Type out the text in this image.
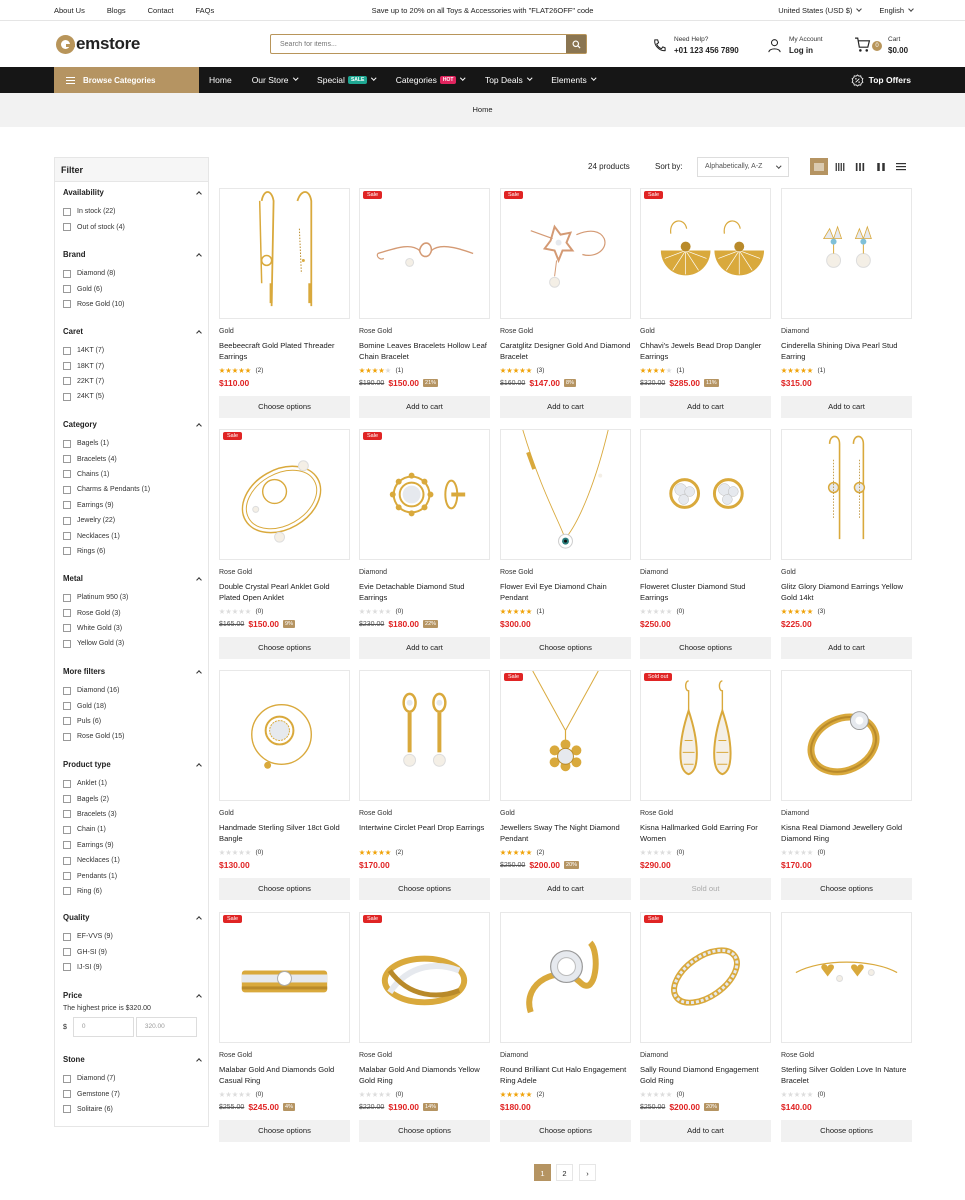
About Us	Blogs	Contact	FAQs	Save up to 20% on all Toys & Accessories with "FLAT26OFF" code	United States (USD $)	English
emstore
Search for items...	Need Help?
+01 123 456 7890
My Account
Log in	0
Cart
$0.00
Browse Categories	Home Our Store	Special	SALE	Categories	HOT	Top Deals	Elements	Top Offers
Home
Filter
Availability
In stock (22)
Out of stock (4)
Brand
Diamond (8)
Gold (6)
Rose Gold (10)
Caret
14KT (7)
18KT (7)
22KT (7)
24KT (5)
Category
Bagels (1)
Bracelets (4)
Chains (1)
Charms & Pendants (1)
Earrings (9)
Jewelry (22)
Necklaces (1)
Rings (6)
Metal
Platinum 950 (3)
Rose Gold (3)
White Gold (3)
Yellow Gold (3)
More filters
Diamond (16)
Gold (18)
Puls (6)
Rose Gold (15)
Product type
Anklet (1)
Bagels (2)
Bracelets (3)
Chain (1)
Earrings (9)
Necklaces (1)
Pendants (1)
Ring (6)
Quality
EF-VVS (9)
GH-SI (9)
IJ-SI (9)
Price
The highest price is $320.00
$	0	320.00
Stone
Diamond (7)
Gemstone (7)
Solitaire (6)
24 products	Sort by:	Alphabetically, A-Z
Gold
Beebeecraft Gold Plated Threader Earrings
(2)
$110.00
Choose options
Sale
Rose Gold
Bomine Leaves Bracelets Hollow Leaf Chain Bracelet
(1)
$190.00 $150.00	21%
Add to cart
Sale
Rose Gold
Caratglitz Designer Gold And Diamond Bracelet
(3)
$160.00 $147.00	8%
Add to cart
Sale
Gold
Chhavi's Jewels Bead Drop Dangler Earrings
(1)
$320.00 $285.00	11%
Add to cart
Diamond
Cinderella Shining Diva Pearl Stud Earring
(1)
$315.00
Add to cart
Sale
Rose Gold
Double Crystal Pearl Anklet Gold Plated Open Anklet
(0)
$165.00 $150.00	9%
Choose options
Sale
Diamond
Evie Detachable Diamond Stud Earrings
(0)
$230.00 $180.00	22%
Add to cart
Rose Gold
Flower Evil Eye Diamond Chain Pendant
(1)
$300.00
Choose options
Diamond
Floweret Cluster Diamond Stud Earrings
(0)
$250.00
Choose options
Gold
Glitz Glory Diamond Earrings Yellow Gold 14kt
(3)
$225.00
Add to cart
Gold
Handmade Sterling Silver 18ct Gold Bangle
(0)
$130.00
Choose options
Rose Gold
Intertwine Circlet Pearl Drop Earrings
(2)
$170.00
Choose options
Sale
Gold
Jewellers Sway The Night Diamond Pendant
(2)
$250.00 $200.00	20%
Add to cart
Sold out
Rose Gold
Kisna Hallmarked Gold Earring For Women
(0)
$290.00
Sold out
Diamond
Kisna Real Diamond Jewellery Gold Diamond Ring
(0)
$170.00
Choose options
Sale
Rose Gold
Malabar Gold And Diamonds Gold Casual Ring
(0)
$255.00 $245.00	4%
Choose options
Sale
Rose Gold
Malabar Gold And Diamonds Yellow Gold Ring
(0)
$220.00 $190.00	14%
Choose options
Diamond
Round Brilliant Cut Halo Engagement Ring Adele
(2)
$180.00
Choose options
Sale
Diamond
Sally Round Diamond Engagement Gold Ring
(0)
$250.00 $200.00	20%
Add to cart
Rose Gold
Sterling Silver Golden Love In Nature Bracelet
(0)
$140.00
Choose options
1	2	›
